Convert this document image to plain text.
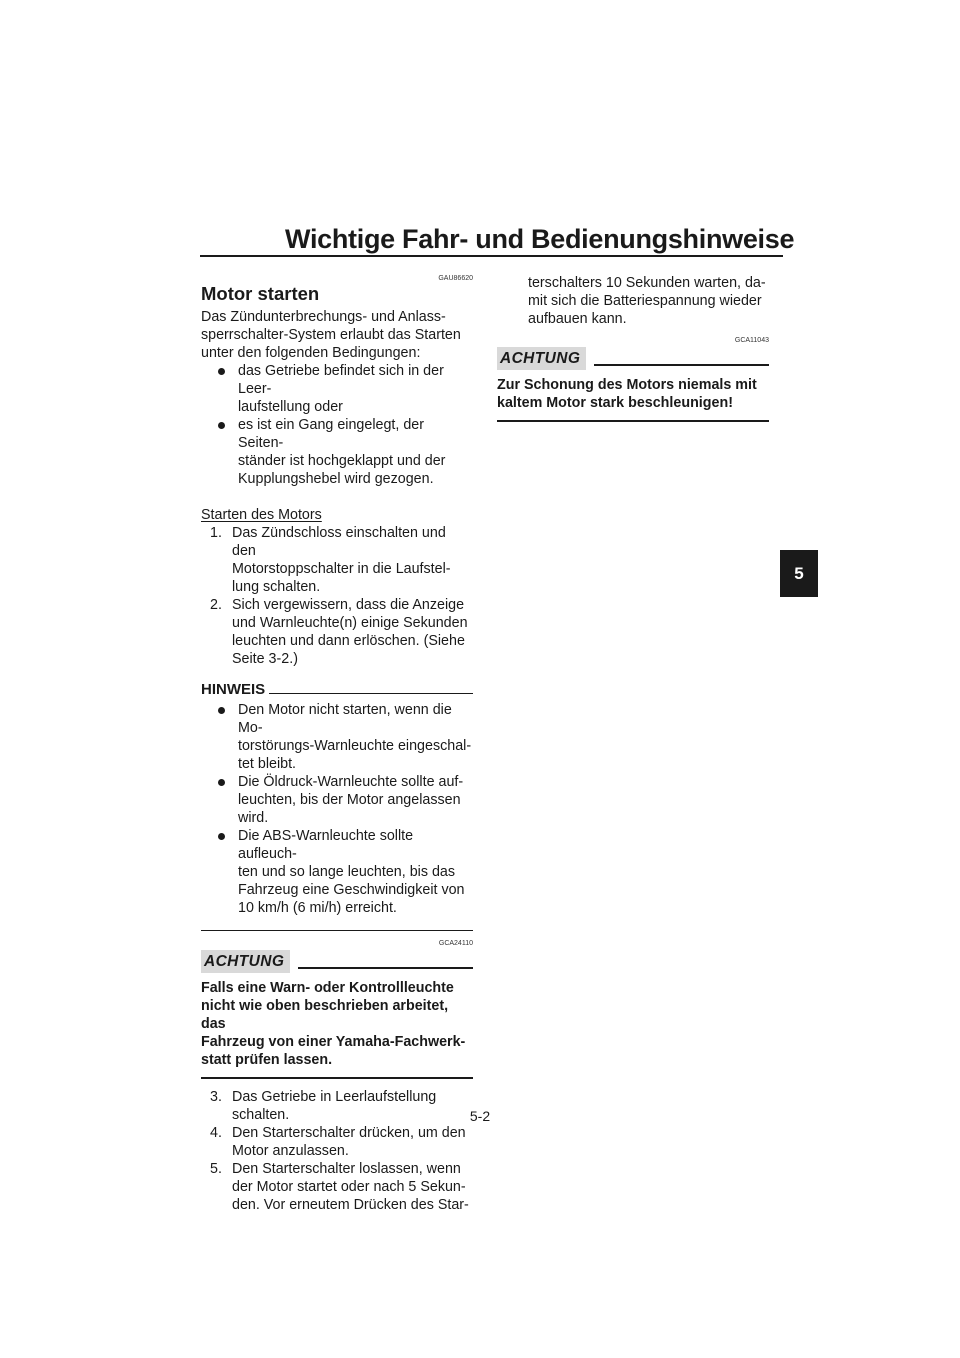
Wichtige Fahr- und Bedienungshinweise
5
GAU86620
Motor starten
Das Zündunterbrechungs- und Anlass-
sperrschalter-System erlaubt das Starten
unter den folgenden Bedingungen:
das Getriebe befindet sich in der Leer-
laufstellung oder
es ist ein Gang eingelegt, der Seiten-
ständer ist hochgeklappt und der
Kupplungshebel wird gezogen.
Starten des Motors
1. Das Zündschloss einschalten und den
Motorstoppschalter in die Laufstel-
lung schalten.
2. Sich vergewissern, dass die Anzeige
und Warnleuchte(n) einige Sekunden
leuchten und dann erlöschen. (Siehe
Seite 3-2.)
HINWEIS
Den Motor nicht starten, wenn die Mo-
torstörungs-Warnleuchte eingeschal-
tet bleibt.
Die Öldruck-Warnleuchte sollte auf-
leuchten, bis der Motor angelassen
wird.
Die ABS-Warnleuchte sollte aufleuch-
ten und so lange leuchten, bis das
Fahrzeug eine Geschwindigkeit von
10 km/h (6 mi/h) erreicht.
GCA24110
ACHTUNG
Falls eine Warn- oder Kontrollleuchte
nicht wie oben beschrieben arbeitet, das
Fahrzeug von einer Yamaha-Fachwerk-
statt prüfen lassen.
3. Das Getriebe in Leerlaufstellung
schalten.
4. Den Starterschalter drücken, um den
Motor anzulassen.
5. Den Starterschalter loslassen, wenn
der Motor startet oder nach 5 Sekun-
den. Vor erneutem Drücken des Star-
terschalters 10 Sekunden warten, da-
mit sich die Batteriespannung wieder
aufbauen kann.
GCA11043
ACHTUNG
Zur Schonung des Motors niemals mit
kaltem Motor stark beschleunigen!
5-2
